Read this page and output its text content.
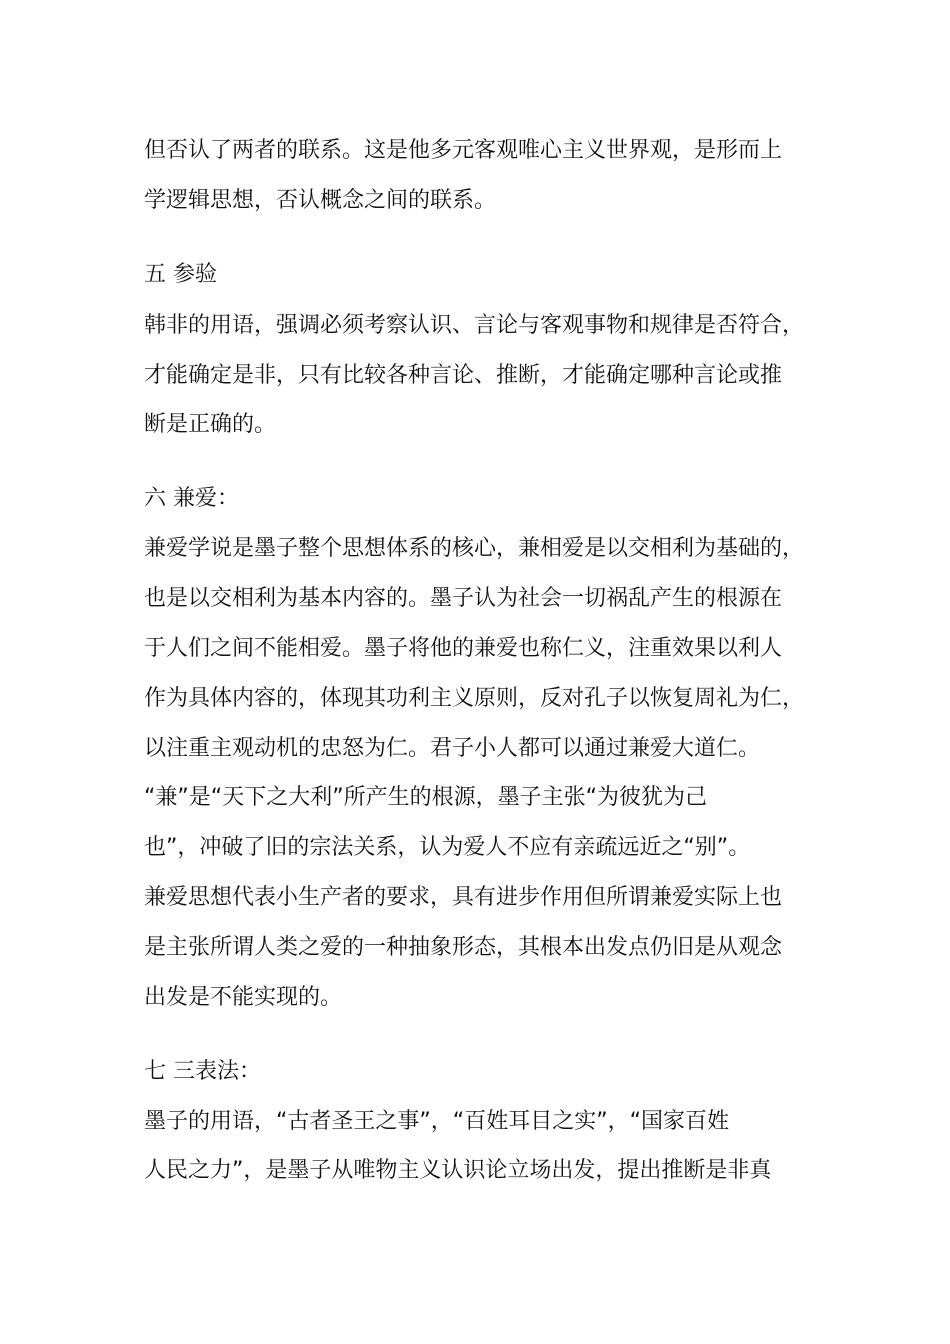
但否认了两者的联系。这是他多元客观唯心主义世界观，是形而上
学逻辑思想，否认概念之间的联系。
五 参验
韩非的用语，强调必须考察认识、言论与客观事物和规律是否符合，
才能确定是非，只有比较各种言论、推断，才能确定哪种言论或推
断是正确的。
六 兼爱：
兼爱学说是墨子整个思想体系的核心，兼相爱是以交相利为基础的，
也是以交相利为基本内容的。墨子认为社会一切祸乱产生的根源在
于人们之间不能相爱。墨子将他的兼爱也称仁义，注重效果以利人
作为具体内容的，体现其功利主义原则，反对孔子以恢复周礼为仁，
以注重主观动机的忠怒为仁。君子小人都可以通过兼爱大道仁。
“兼”是“天下之大利”所产生的根源，墨子主张“为彼犹为己
也”，冲破了旧的宗法关系，认为爱人不应有亲疏远近之“别”。
兼爱思想代表小生产者的要求，具有进步作用但所谓兼爱实际上也
是主张所谓人类之爱的一种抽象形态，其根本出发点仍旧是从观念
出发是不能实现的。
七 三表法：
墨子的用语，“古者圣王之事”，“百姓耳目之实”，“国家百姓
人民之力”，是墨子从唯物主义认识论立场出发，提出推断是非真
